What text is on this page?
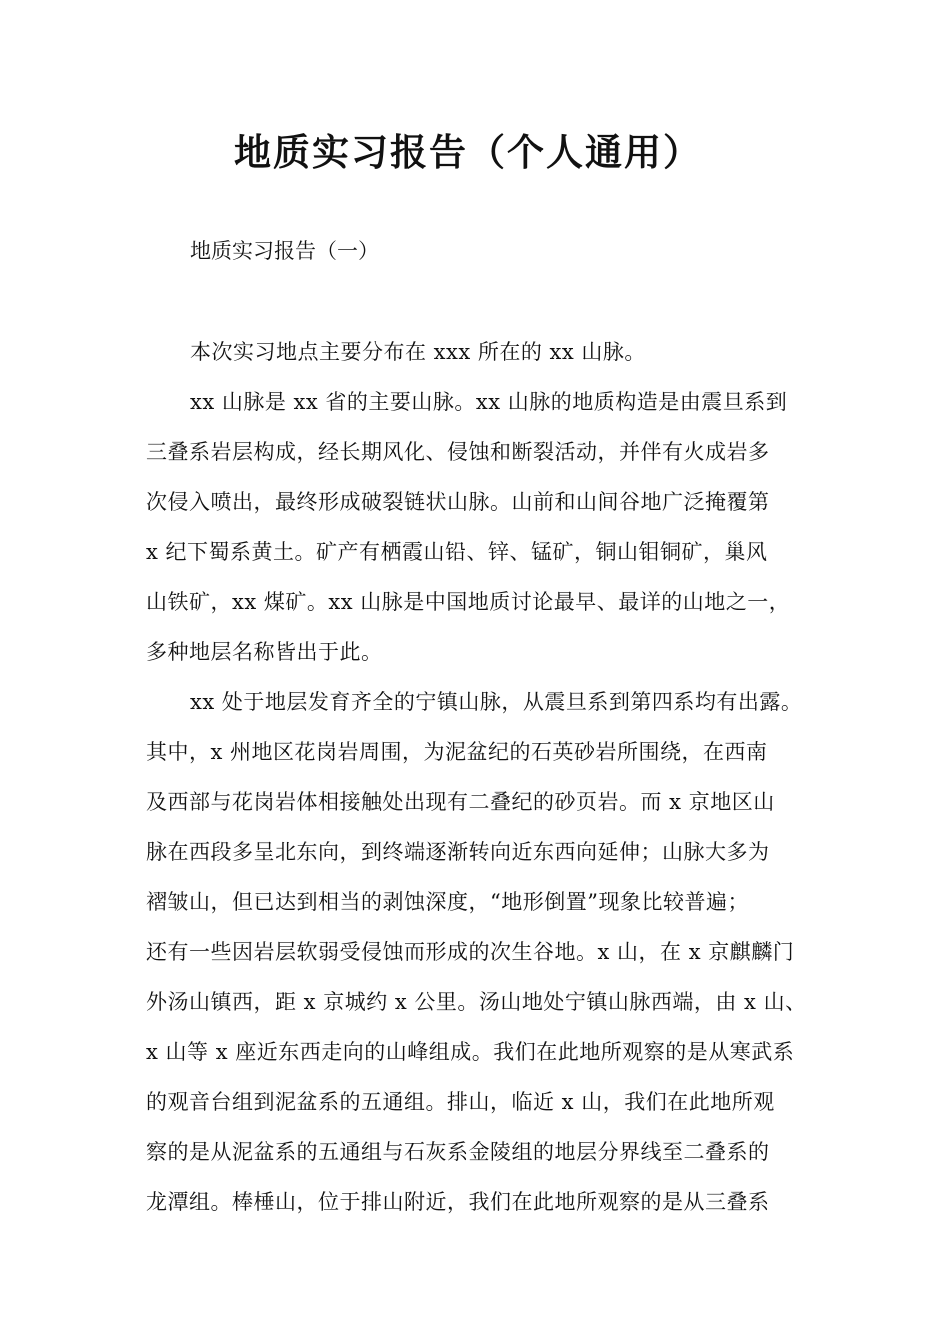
地质实习报告（个人通用）
地质实习报告（一）
本次实习地点主要分布在 xxx 所在的 xx 山脉。
xx 山脉是 xx 省的主要山脉。xx 山脉的地质构造是由震旦系到
三叠系岩层构成，经长期风化、侵蚀和断裂活动，并伴有火成岩多
次侵入喷出，最终形成破裂链状山脉。山前和山间谷地广泛掩覆第
x 纪下蜀系黄土。矿产有栖霞山铅、锌、锰矿，铜山钼铜矿，巢风
山铁矿，xx 煤矿。xx 山脉是中国地质讨论最早、最详的山地之一，
多种地层名称皆出于此。
xx 处于地层发育齐全的宁镇山脉，从震旦系到第四系均有出露。
其中，x 州地区花岗岩周围，为泥盆纪的石英砂岩所围绕，在西南
及西部与花岗岩体相接触处出现有二叠纪的砂页岩。而 x 京地区山
脉在西段多呈北东向，到终端逐渐转向近东西向延伸；山脉大多为
褶皱山，但已达到相当的剥蚀深度，“地形倒置”现象比较普遍；
还有一些因岩层软弱受侵蚀而形成的次生谷地。x 山，在 x 京麒麟门
外汤山镇西，距 x 京城约 x 公里。汤山地处宁镇山脉西端，由 x 山、
x 山等 x 座近东西走向的山峰组成。我们在此地所观察的是从寒武系
的观音台组到泥盆系的五通组。排山，临近 x 山，我们在此地所观
察的是从泥盆系的五通组与石灰系金陵组的地层分界线至二叠系的
龙潭组。棒棰山，位于排山附近，我们在此地所观察的是从三叠系
